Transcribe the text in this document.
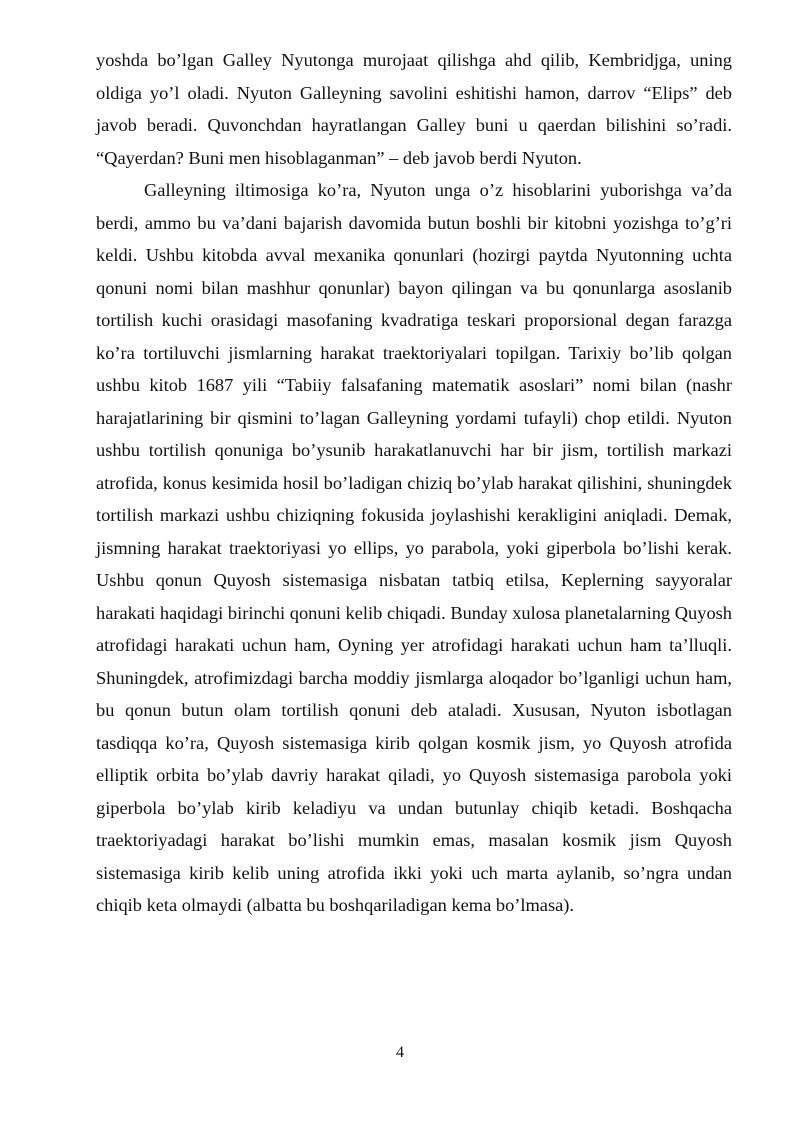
yoshda bo’lgan Galley Nyutonga murojaat qilishga ahd qilib, Kembridjga, uning oldiga yo’l oladi. Nyuton Galleyning savolini eshitishi hamon, darrov “Elips” deb javob beradi. Quvonchdan hayratlangan Galley buni u qaerdan bilishini so’radi. “Qayerdan? Buni men hisoblaganman” – deb javob berdi Nyuton.

Galleyning iltimosiga ko’ra, Nyuton unga o’z hisoblarini yuborishga va’da berdi, ammo bu va’dani bajarish davomida butun boshli bir kitobni yozishga to’g’ri keldi. Ushbu kitobda avval mexanika qonunlari (hozirgi paytda Nyutonning uchta qonuni nomi bilan mashhur qonunlar) bayon qilingan va bu qonunlarga asoslanib tortilish kuchi orasidagi masofaning kvadratiga teskari proporsional degan farazga ko’ra tortiluvchi jismlarning harakat traektoriyalari topilgan. Tarixiy bo’lib qolgan ushbu kitob 1687 yili “Tabiiy falsafaning matematik asoslari” nomi bilan (nashr harajatlarining bir qismini to’lagan Galleyning yordami tufayli) chop etildi. Nyuton ushbu tortilish qonuniga bo’ysunib harakatlanuvchi har bir jism, tortilish markazi atrofida, konus kesimida hosil bo’ladigan chiziq bo’ylab harakat qilishini, shuningdek tortilish markazi ushbu chiziqning fokusida joylashishi kerakligini aniqladi. Demak, jismning harakat traektoriyasi yo ellips, yo parabola, yoki giperbola bo’lishi kerak. Ushbu qonun Quyosh sistemasiga nisbatan tatbiq etilsa, Keplerning sayyoralar harakati haqidagi birinchi qonuni kelib chiqadi. Bunday xulosa planetalarning Quyosh atrofidagi harakati uchun ham, Oyning yer atrofidagi harakati uchun ham ta’lluqli. Shuningdek, atrofimizdagi barcha moddiy jismlarga aloqador bo’lganligi uchun ham, bu qonun butun olam tortilish qonuni deb ataladi. Xususan, Nyuton isbotlagan tasdiqqa ko’ra, Quyosh sistemasiga kirib qolgan kosmik jism, yo Quyosh atrofida elliptik orbita bo’ylab davriy harakat qiladi, yo Quyosh sistemasiga parobola yoki giperbola bo’ylab kirib keladiyu va undan butunlay chiqib ketadi. Boshqacha traektoriyadagi harakat bo’lishi mumkin emas, masalan kosmik jism Quyosh sistemasiga kirib kelib uning atrofida ikki yoki uch marta aylanib, so’ngra undan chiqib keta olmaydi (albatta bu boshqariladigan kema bo’lmasa).

4
